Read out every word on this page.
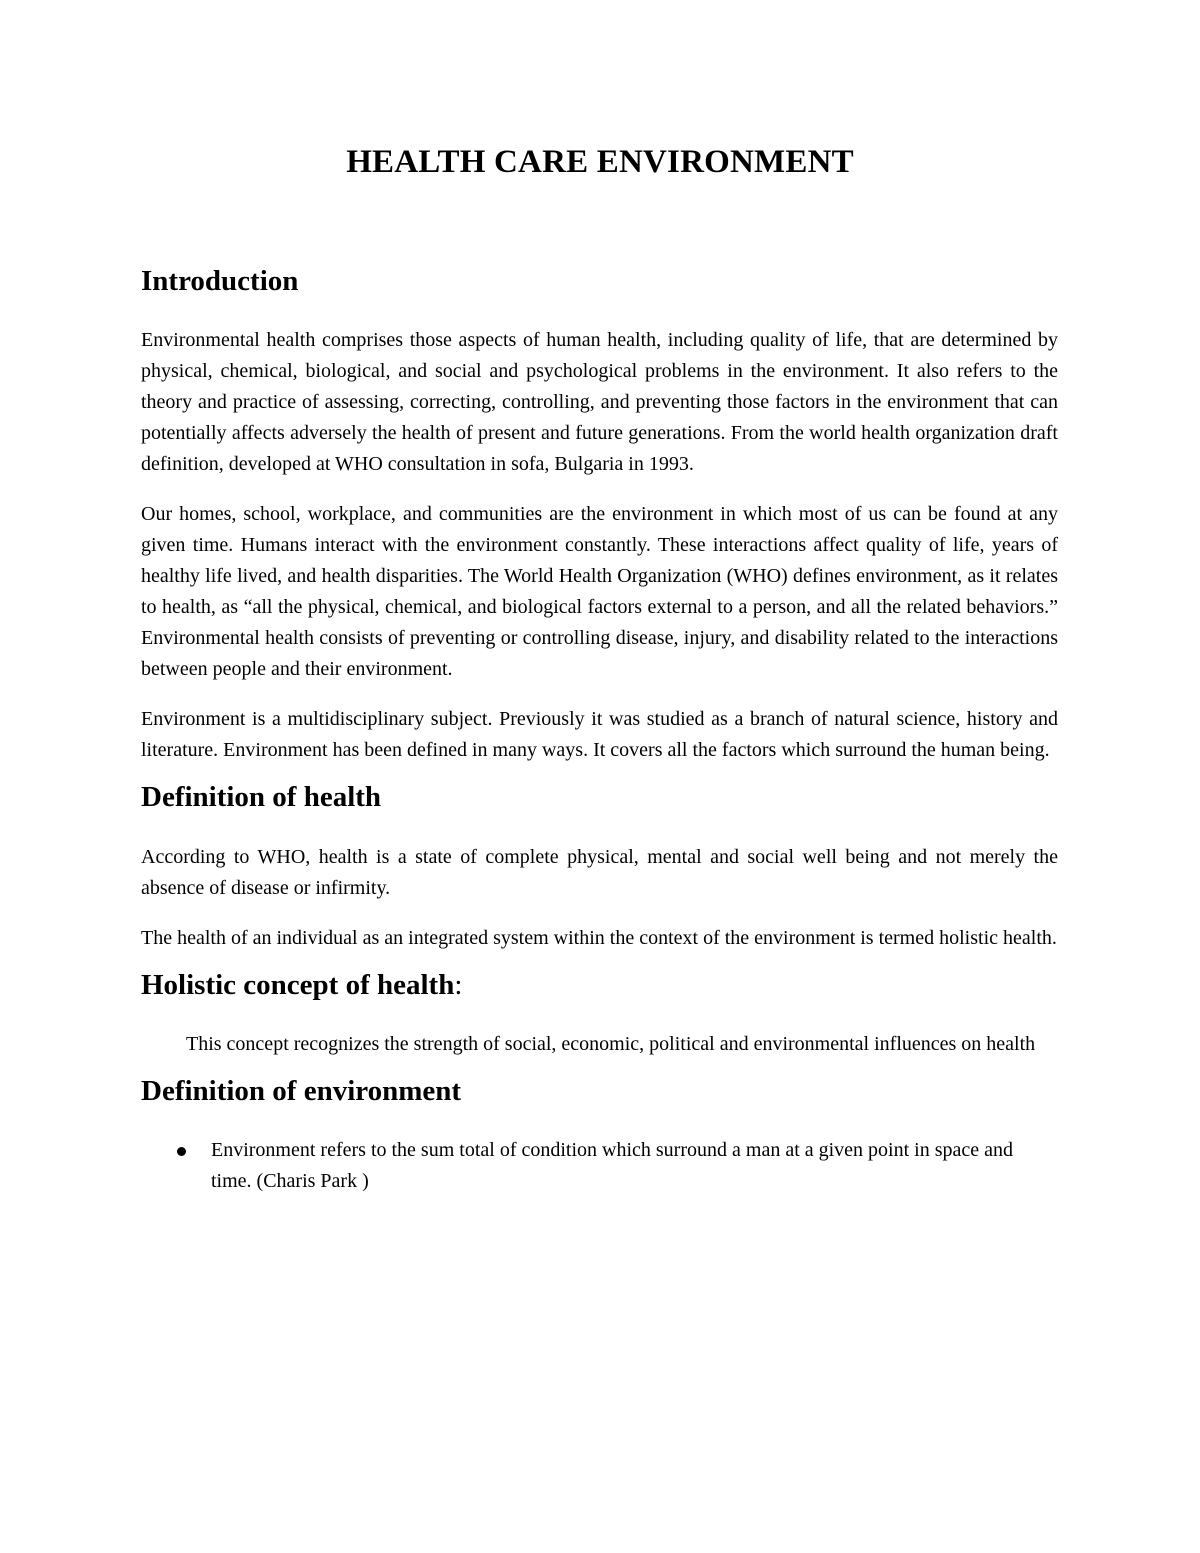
HEALTH CARE ENVIRONMENT
Introduction

Environmental health comprises those aspects of human health, including quality of life, that are determined by physical, chemical, biological, and social and psychological problems in the environment. It also refers to the theory and practice of assessing, correcting, controlling, and preventing those factors in the environment that can potentially affects adversely the health of present and future generations. From the world health organization draft definition, developed at WHO consultation in sofa, Bulgaria in 1993.

Our homes, school, workplace, and communities are the environment in which most of us can be found at any given time. Humans interact with the environment constantly. These interactions affect quality of life, years of healthy life lived, and health disparities. The World Health Organization (WHO) defines environment, as it relates to health, as “all the physical, chemical, and biological factors external to a person, and all the related behaviors.” Environmental health consists of preventing or controlling disease, injury, and disability related to the interactions between people and their environment.

Environment is a multidisciplinary subject. Previously it was studied as a branch of natural science, history and literature. Environment has been defined in many ways. It covers all the factors which surround the human being.

Definition of health

According to WHO, health is a state of complete physical, mental and social well being and not merely the absence of disease or infirmity.

The health of an individual as an integrated system within the context of the environment is termed holistic health.

Holistic concept of health:

This concept recognizes the strength of social, economic, political and environmental influences on health

Definition of environment
Environment refers to the sum total of condition which surround a man at a given point in space and time. (Charis Park )
